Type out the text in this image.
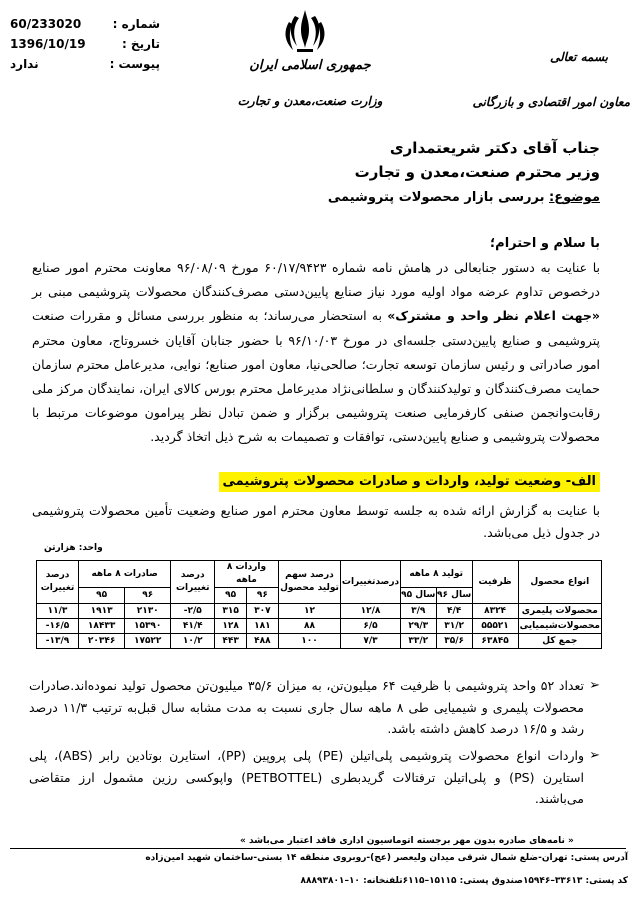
شماره :
60/233020
تاریخ :
1396/10/19
پیوست :
ندارد	جمهوری اسلامی ایران
وزارت صنعت،معدن و تجارت
بسمه تعالی
معاون امور اقتصادی و بازرگانی
جناب آقای دکتر شریعتمداری
وزیر محترم صنعت،معدن و تجارت
موضوع: بررسی بازار محصولات پتروشیمی
با سلام و احترام؛
با عنایت به دستور جنابعالی در هامش نامه شماره ۶۰/۱۷/۹۴۲۳ مورخ ۹۶/۰۸/۰۹ معاونت محترم امور صنایع درخصوص تداوم عرضه مواد اولیه مورد نیاز صنایع پایین‌دستی مصرف‌کنندگان محصولات پتروشیمی مبنی بر «جهت اعلام نظر واحد و مشترک» به استحضار می‌رساند؛ به منظور بررسی مسائل و مقررات صنعت پتروشیمی و صنایع پایین‌دستی جلسه‌ای در مورخ ۹۶/۱۰/۰۳ با حضور جنابان آقایان خسروتاج، معاون محترم امور صادراتی و رئیس سازمان توسعه تجارت؛ صالحی‌نیا، معاون امور صنایع؛ نوایی، مدیرعامل محترم سازمان حمایت مصرف‌کنندگان و تولیدکنندگان و سلطانی‌نژاد مدیرعامل محترم بورس کالای ایران، نمایندگان مرکز ملی رقابت‌وانجمن صنفی کارفرمایی صنعت پتروشیمی برگزار و ضمن تبادل نظر پیرامون موضوعات مرتبط با محصولات پتروشیمی و صنایع پایین‌دستی، توافقات و تصمیمات به شرح ذیل اتخاذ گردید.
الف- وضعیت تولید، واردات و صادرات محصولات پتروشیمی
با عنایت به گزارش ارائه شده به جلسه توسط معاون محترم امور صنایع وضعیت تأمین محصولات پتروشیمی در جدول ذیل می‌باشد.
واحد: هزارتن
انواع محصول	ظرفیت	تولید ۸ ماهه		درصدتغییرات	درصد سهم تولید محصول	واردات ۸ ماهه		درصد تغییرات	صادرات ۸ ماهه		درصد تغییرات
		سال ۹۶	سال ۹۵			۹۶	۹۵		۹۶	۹۵	
محصولات پلیمری	۸۳۲۴	۴/۴	۳/۹	۱۲/۸	۱۲	۳۰۷	۳۱۵	۲/۵-	۲۱۳۰	۱۹۱۳	۱۱/۳
محصولات‌شیمیایی	۵۵۵۲۱	۳۱/۲	۲۹/۳	۶/۵	۸۸	۱۸۱	۱۲۸	۴۱/۴	۱۵۳۹۰	۱۸۴۳۳	۱۶/۵-
جمع کل	۶۳۸۴۵	۳۵/۶	۳۳/۲	۷/۳	۱۰۰	۴۸۸	۴۴۳	۱۰/۲	۱۷۵۲۲	۲۰۳۴۶	۱۳/۹-
➢
تعداد ۵۲ واحد پتروشیمی با ظرفیت ۶۴ میلیون‌تن، به میزان ۳۵/۶ میلیون‌تن محصول تولید نموده‌اند.صادرات محصولات پلیمری و شیمیایی طی ۸ ماهه سال جاری نسبت به مدت مشابه سال قبل‌به ترتیب ۱۱/۳ درصد رشد و ۱۶/۵ درصد کاهش داشته باشد.
➢
واردات انواع محصولات پتروشیمی پلی‌اتیلن (PE) پلی پروپین (PP)، استایرن بوتادین رابر (ABS)، پلی استایرن (PS) و پلی‌اتیلن ترفتالات گریدبطری (PETBOTTEL) واپوکسی رزین مشمول ارز متقاضی می‌باشند.
« نامه‌های صادره بدون مهر برجسته اتوماسیون اداری فاقد اعتبار می‌باشد »
آدرس پستی: تهران-ضلع شمال شرقی میدان ولیعصر (عج)-روبروی منطقه ۱۴ بستی-ساختمان شهید امین‌زاده
کد پستی: ۳۳۶۱۳–۱۵۹۴۶صندوق پستی: ۱۵۱۱۵–۶۱۱۵تلفنخانه: ۱۰–۸۸۸۹۳۸۰۱
